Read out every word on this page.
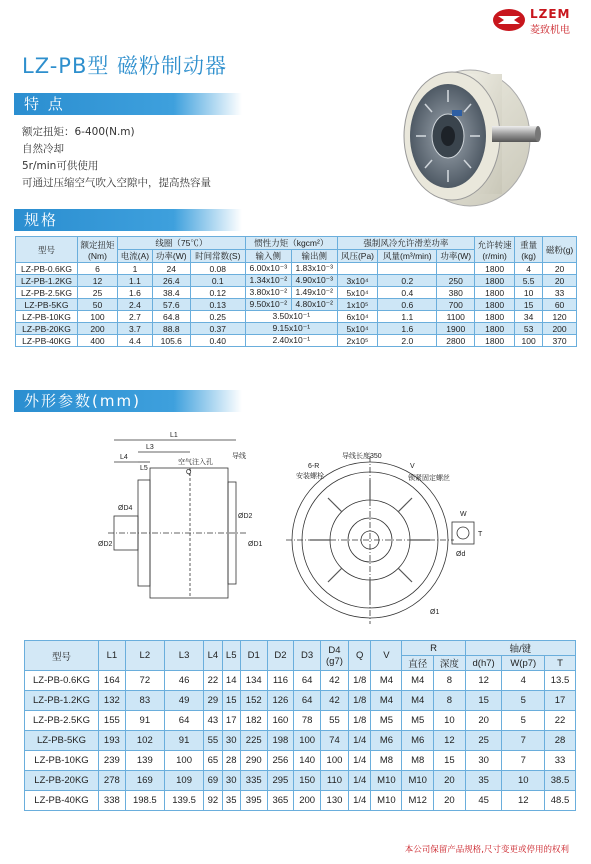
LZEM
菱致机电
LZ-PB型 磁粉制动器
特 点
额定扭矩：6-400(N.m)
自然冷却
5r/min可供使用
可通过压缩空气吹入空隙中，提高热容量
规格
型号	额定扭矩(Nm)	线圈（75℃）			惯性力矩（kgcm²）		强制风冷允许滑差功率			允许转速(r/min)	重量(kg)	磁粉(g)
		电流(A)	功率(W)	时间常数(S)	输入侧	输出侧	风压(Pa)	风量(m³/min)	功率(W)			
LZ-PB-0.6KG	6	1	24	0.08	6.00x10⁻³	1.83x10⁻³				1800	4	20
LZ-PB-1.2KG	12	1.1	26.4	0.1	1.34x10⁻²	4.90x10⁻³	3x10⁴	0.2	250	1800	5.5	20
LZ-PB-2.5KG	25	1.6	38.4	0.12	3.80x10⁻²	1.49x10⁻²	5x10⁴	0.4	380	1800	10	33
LZ-PB-5KG	50	2.4	57.6	0.13	9.50x10⁻²	4.80x10⁻²	1x10⁵	0.6	700	1800	15	60
LZ-PB-10KG	100	2.7	64.8	0.25	3.50x10⁻¹		6x10⁴	1.1	1100	1800	34	120
LZ-PB-20KG	200	3.7	88.8	0.37	9.15x10⁻¹		5x10⁴	1.6	1900	1800	53	200
LZ-PB-40KG	400	4.4	105.6	0.40	2.40x10⁻¹		2x10⁵	2.0	2800	1800	100	370
外形参数(mm)
L1
L3
L4
L5
空气注入孔
Q
导线
ØD2
ØD4
ØD2
ØD1
6-R
安装螺栓
导线长度350
V
锁紧固定螺丝
W
T
Ød
Ø1
型号	L1	L2	L3	L4	L5	D1	D2	D3	D4 (g7)	Q	V	R		轴/键		
												直径	深度	d(h7)	W(p7)	T
LZ-PB-0.6KG	164	72	46	22	14	134	116	64	42	1/8	M4	M4	8	12	4	13.5
LZ-PB-1.2KG	132	83	49	29	15	152	126	64	42	1/8	M4	M4	8	15	5	17
LZ-PB-2.5KG	155	91	64	43	17	182	160	78	55	1/8	M5	M5	10	20	5	22
LZ-PB-5KG	193	102	91	55	30	225	198	100	74	1/4	M6	M6	12	25	7	28
LZ-PB-10KG	239	139	100	65	28	290	256	140	100	1/4	M8	M8	15	30	7	33
LZ-PB-20KG	278	169	109	69	30	335	295	150	110	1/4	M10	M10	20	35	10	38.5
LZ-PB-40KG	338	198.5	139.5	92	35	395	365	200	130	1/4	M10	M12	20	45	12	48.5
本公司保留产品规格,尺寸变更或停用的权利
